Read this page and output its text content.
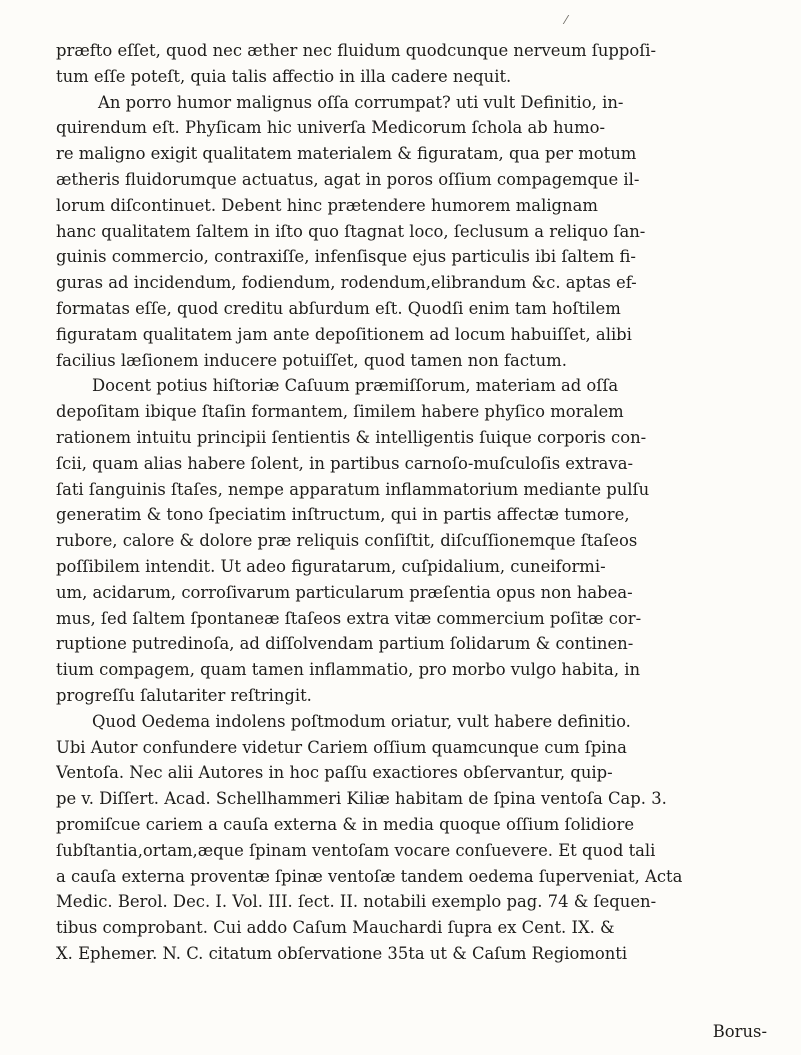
⁄
præfto eſſet, quod nec æther nec fluidum quodcunque nerveum ſuppoſi-
tum eſſe poteſt, quia talis affectio in illa cadere nequit.
An porro humor malignus oſſa corrumpat? uti vult Definitio, in-
quirendum eſt. Phyſicam hic univerſa Medicorum ſchola ab humo-
re maligno exigit qualitatem materialem & figuratam, qua per motum
ætheris fluidorumque actuatus, agat in poros oſſium compagemque il-
lorum diſcontinuet. Debent hinc prætendere humorem malignam
hanc qualitatem ſaltem in iſto quo ſtagnat loco, ſeclusum a reliquo ſan-
guinis commercio, contraxiſſe, infenſisque ejus particulis ibi ſaltem fi-
guras ad incidendum, fodiendum, rodendum,elibrandum &c. aptas ef-
formatas eſſe, quod creditu abſurdum eſt. Quodſi enim tam hoſtilem
figuratam qualitatem jam ante depoſitionem ad locum habuiſſet, alibi
facilius læſionem inducere potuiſſet, quod tamen non factum.
Docent potius hiſtoriæ Caſuum præmiſſorum, materiam ad oſſa
depoſitam ibique ſtaſin formantem, ſimilem habere phyſico moralem
rationem intuitu principii ſentientis & intelligentis ſuique corporis con-
ſcii, quam alias habere ſolent, in partibus carnoſo-muſculoſis extrava-
ſati ſanguinis ſtaſes, nempe apparatum inflammatorium mediante pulſu
generatim & tono ſpeciatim inſtructum, qui in partis affectæ tumore,
rubore, calore & dolore præ reliquis conſiſtit, diſcuſſionemque ſtaſeos
poſſibilem intendit. Ut adeo figuratarum, cuſpidalium, cuneiformi-
um, acidarum, corroſivarum particularum præſentia opus non habea-
mus, ſed ſaltem ſpontaneæ ſtaſeos extra vitæ commercium poſitæ cor-
ruptione putredinoſa, ad diſſolvendam partium ſolidarum & continen-
tium compagem, quam tamen inflammatio, pro morbo vulgo habita, in
progreſſu ſalutariter reſtringit.
Quod Oedema indolens poſtmodum oriatur, vult habere definitio.
Ubi Autor confundere videtur Cariem oſſium quamcunque cum ſpina
Ventoſa. Nec alii Autores in hoc paſſu exactiores obſervantur, quip-
pe v. Diſſert. Acad. Schellhammeri Kiliæ habitam de ſpina ventoſa Cap. 3.
promiſcue cariem a cauſa externa & in media quoque oſſium ſolidiore
ſubſtantia,ortam,æque ſpinam ventoſam vocare conſuevere. Et quod tali
a cauſa externa proventæ ſpinæ ventoſæ tandem oedema ſuperveniat, Acta
Medic. Berol. Dec. I. Vol. III. ſect. II. notabili exemplo pag. 74 & ſequen-
tibus comprobant. Cui addo Caſum Mauchardi ſupra ex Cent. IX. &
X. Ephemer. N. C. citatum obſervatione 35ta ut & Caſum Regiomonti
Borus-
